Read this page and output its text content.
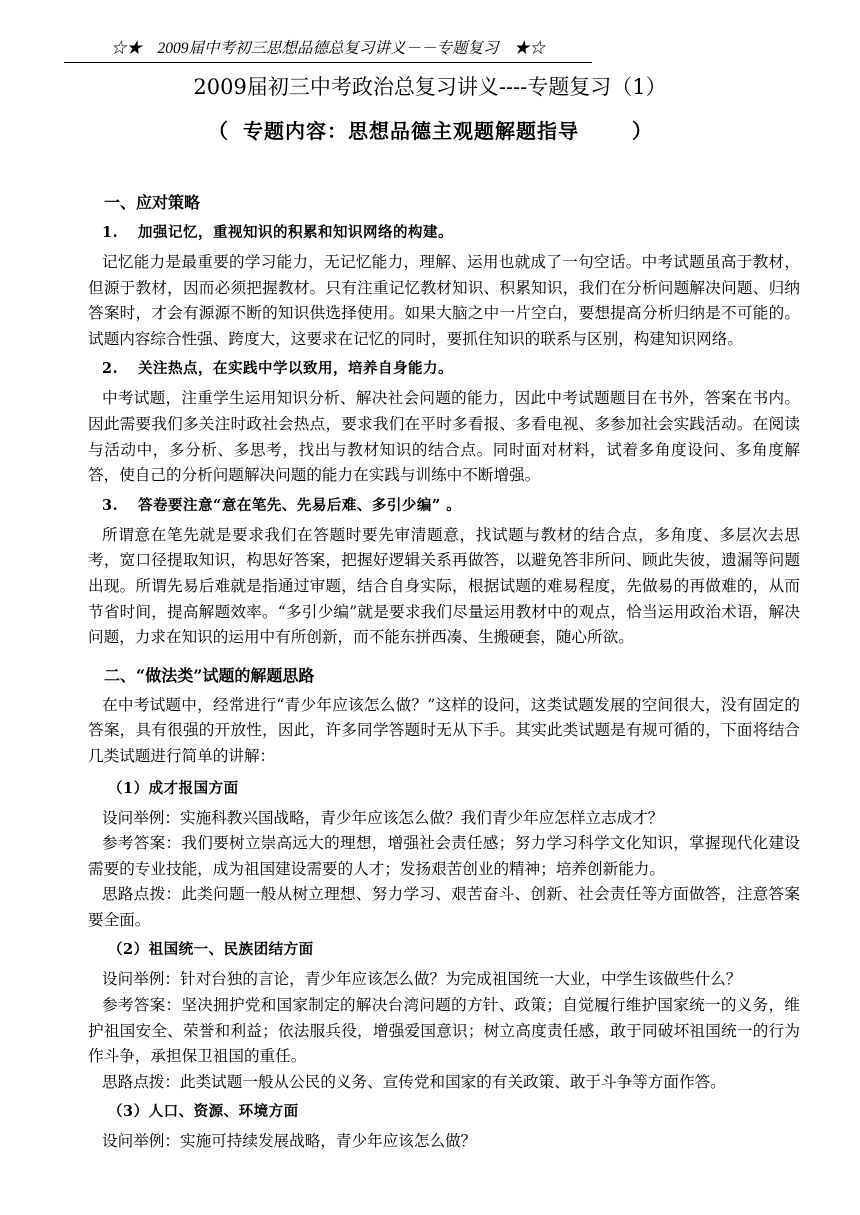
☆★　2009届中考初三思想品德总复习讲义－－专题复习　★☆
2009届初三中考政治总复习讲义----专题复习（1）
（ 专题内容：思想品德主观题解题指导	）
一、应对策略
1. 加强记忆，重视知识的积累和知识网络的构建。

记忆能力是最重要的学习能力，无记忆能力，理解、运用也就成了一句空话。中考试题虽高于教材，但源于教材，因而必须把握教材。只有注重记忆教材知识、积累知识，我们在分析问题解决问题、归纳答案时，才会有源源不断的知识供选择使用。如果大脑之中一片空白，要想提高分析归纳是不可能的。试题内容综合性强、跨度大，这要求在记忆的同时，要抓住知识的联系与区别，构建知识网络。

2. 关注热点，在实践中学以致用，培养自身能力。

中考试题，注重学生运用知识分析、解决社会问题的能力，因此中考试题题目在书外，答案在书内。因此需要我们多关注时政社会热点，要求我们在平时多看报、多看电视、多参加社会实践活动。在阅读与活动中，多分析、多思考，找出与教材知识的结合点。同时面对材料，试着多角度设问、多角度解答，使自己的分析问题解决问题的能力在实践与训练中不断增强。

3. 答卷要注意“意在笔先、先易后难、多引少编” 。

所谓意在笔先就是要求我们在答题时要先审清题意，找试题与教材的结合点，多角度、多层次去思考，宽口径提取知识，构思好答案，把握好逻辑关系再做答，以避免答非所问、顾此失彼，遗漏等问题出现。所谓先易后难就是指通过审题，结合自身实际，根据试题的难易程度，先做易的再做难的，从而节省时间，提高解题效率。“多引少编”就是要求我们尽量运用教材中的观点，恰当运用政治术语，解决问题，力求在知识的运用中有所创新，而不能东拼西凑、生搬硬套，随心所欲。

二、“做法类”试题的解题思路

在中考试题中，经常进行“青少年应该怎么做？”这样的设问，这类试题发展的空间很大，没有固定的答案，具有很强的开放性，因此，许多同学答题时无从下手。其实此类试题是有规可循的，下面将结合几类试题进行简单的讲解：

（1）成才报国方面

设问举例：实施科教兴国战略，青少年应该怎么做？我们青少年应怎样立志成才？

参考答案：我们要树立崇高远大的理想，增强社会责任感；努力学习科学文化知识，掌握现代化建设需要的专业技能，成为祖国建设需要的人才；发扬艰苦创业的精神；培养创新能力。

思路点拨：此类问题一般从树立理想、努力学习、艰苦奋斗、创新、社会责任等方面做答，注意答案要全面。

（2）祖国统一、民族团结方面

设问举例：针对台独的言论，青少年应该怎么做？为完成祖国统一大业，中学生该做些什么？

参考答案：坚决拥护党和国家制定的解决台湾问题的方针、政策；自觉履行维护国家统一的义务，维护祖国安全、荣誉和利益；依法服兵役，增强爱国意识；树立高度责任感，敢于同破坏祖国统一的行为作斗争，承担保卫祖国的重任。

思路点拨：此类试题一般从公民的义务、宣传党和国家的有关政策、敢于斗争等方面作答。

（3）人口、资源、环境方面

设问举例：实施可持续发展战略，青少年应该怎么做？
